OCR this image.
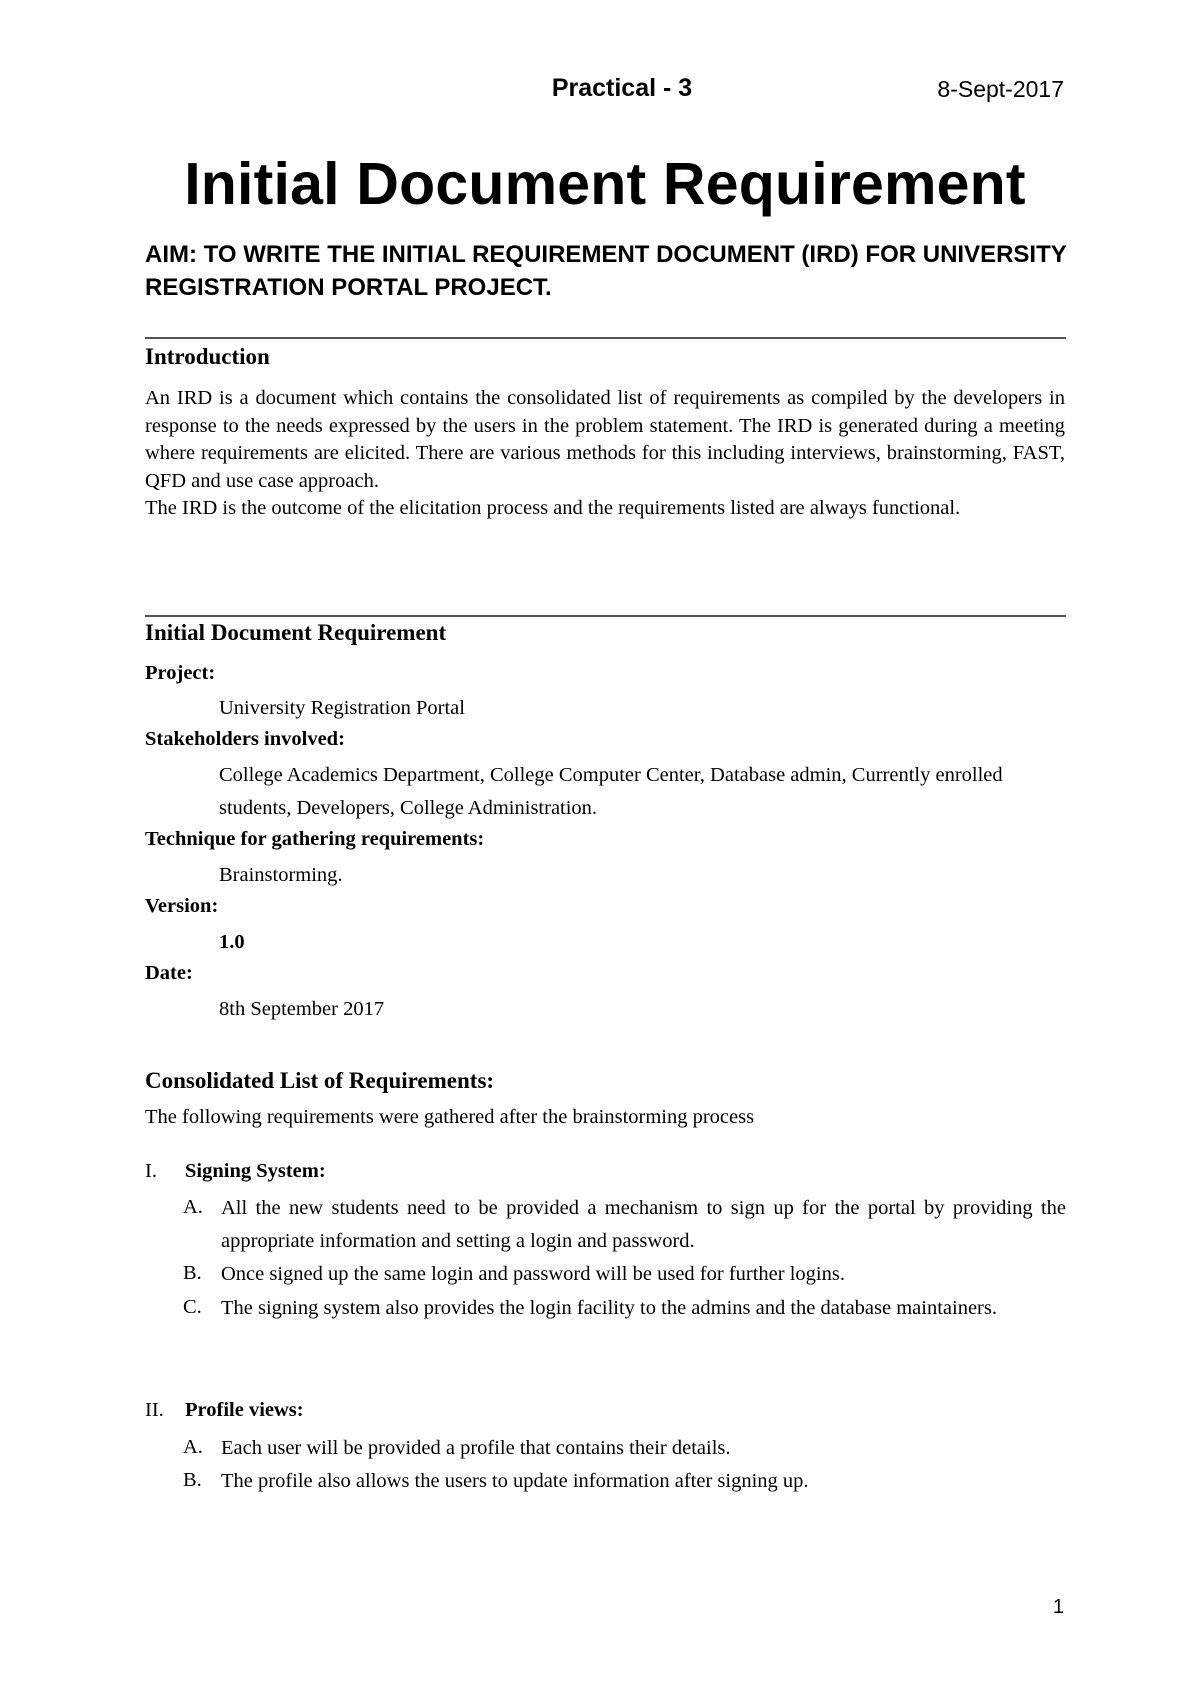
Practical - 3	8-Sept-2017
Initial Document Requirement
AIM: TO WRITE THE INITIAL REQUIREMENT DOCUMENT (IRD) FOR UNIVERSITY REGISTRATION PORTAL PROJECT.
Introduction

An IRD is a document which contains the consolidated list of requirements as compiled by the developers in response to the needs expressed by the users in the problem statement. The IRD is generated during a meeting where requirements are elicited. There are various methods for this including interviews, brainstorming, FAST, QFD and use case approach.

The IRD is the outcome of the elicitation process and the requirements listed are always functional.

Initial Document Requirement
Project:
University Registration Portal
Stakeholders involved:
College Academics Department, College Computer Center, Database admin, Currently enrolled students, Developers, College Administration.
Technique for gathering requirements:
Brainstorming.
Version:
1.0
Date:
8th September 2017
Consolidated List of Requirements:
The following requirements were gathered after the brainstorming process
I. Signing System:
A. All the new students need to be provided a mechanism to sign up for the portal by providing the appropriate information and setting a login and password.
B. Once signed up the same login and password will be used for further logins.
C. The signing system also provides the login facility to the admins and the database maintainers.
II. Profile views:
A. Each user will be provided a profile that contains their details.
B. The profile also allows the users to update information after signing up.
1
